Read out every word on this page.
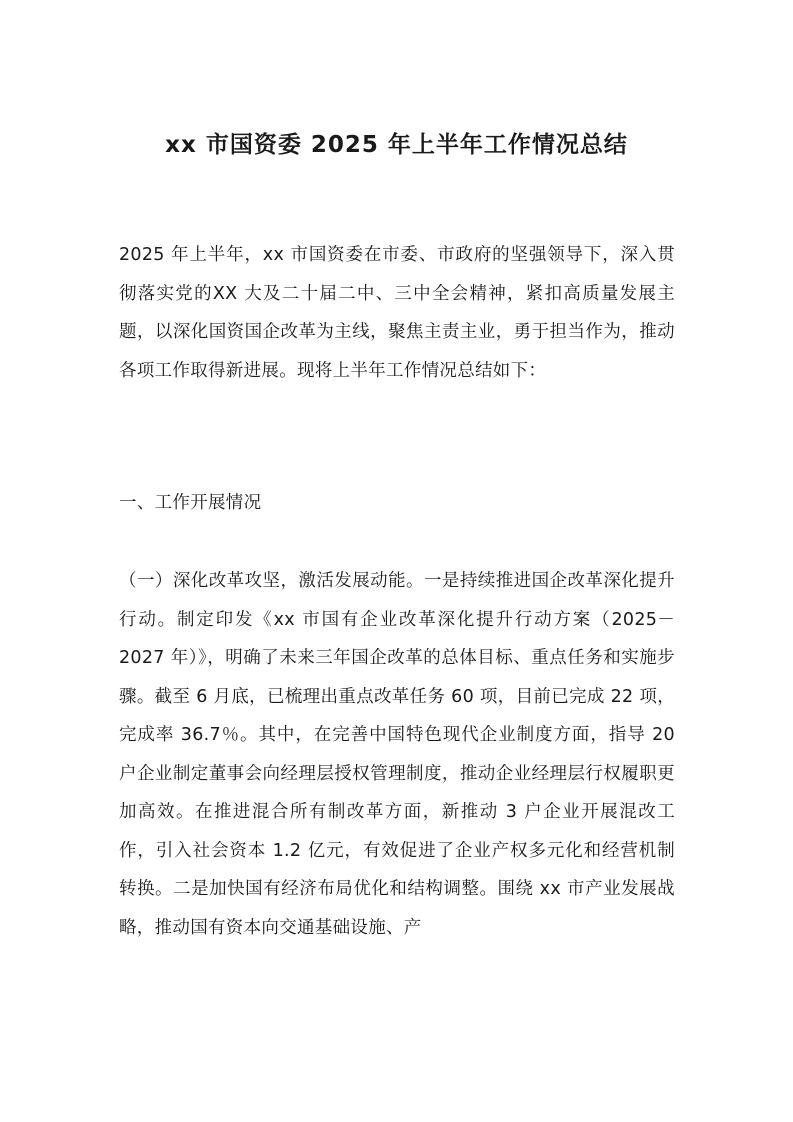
xx 市国资委 2025 年上半年工作情况总结

2025 年上半年，xx 市国资委在市委、市政府的坚强领导下，深入贯彻落实党的XX 大及二十届二中、三中全会精神，紧扣高质量发展主题，以深化国资国企改革为主线，聚焦主责主业，勇于担当作为，推动各项工作取得新进展。现将上半年工作情况总结如下：

一、工作开展情况

（一）深化改革攻坚，激活发展动能。一是持续推进国企改革深化提升行动。制定印发《xx 市国有企业改革深化提升行动方案（2025－2027 年）》，明确了未来三年国企改革的总体目标、重点任务和实施步骤。截至 6 月底，已梳理出重点改革任务 60 项，目前已完成 22 项，完成率 36.7％。其中，在完善中国特色现代企业制度方面，指导 20 户企业制定董事会向经理层授权管理制度，推动企业经理层行权履职更加高效。在推进混合所有制改革方面，新推动 3 户企业开展混改工作，引入社会资本 1.2 亿元，有效促进了企业产权多元化和经营机制转换。二是加快国有经济布局优化和结构调整。围绕 xx 市产业发展战略，推动国有资本向交通基础设施、产
